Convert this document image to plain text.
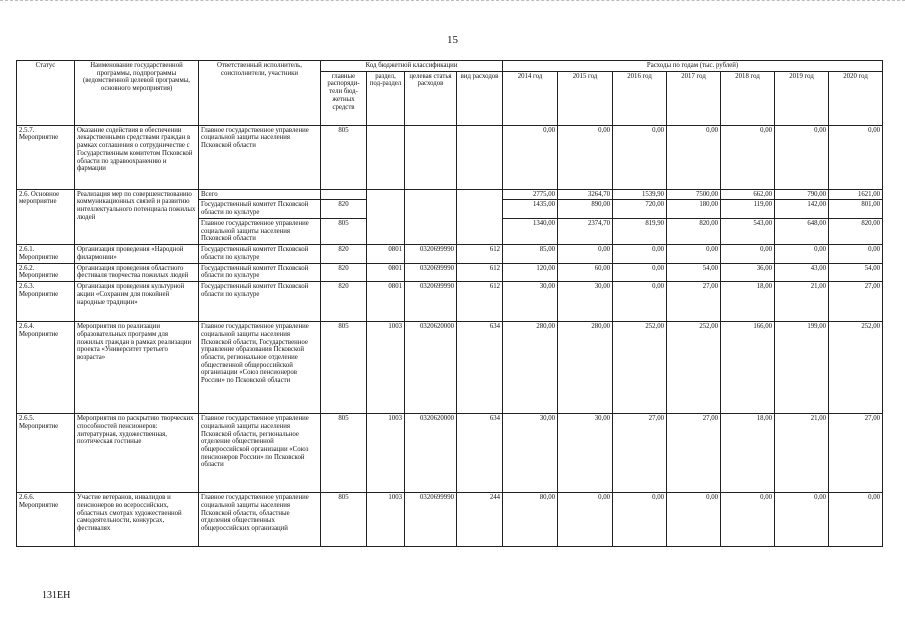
15
Статус	Наименование государственной программы, подпрограммы (ведомственной целевой программы, основного мероприятия)	Ответственный исполнитель, соисполнители, участники	Код бюджетной классификации				Расходы по годам (тыс. рублей)						
			главные распоряди-тели бюд-жетных средств	раздел, под-раздел	целевая статья расходов	вид расходов	2014 год	2015 год	2016 год	2017 год	2018 год	2019 год	2020 год
2.5.7. Мероприятие	Оказание содействия в обеспечении лекарственными средствами граждан в рамках соглашения о сотрудничестве с Государственным комитетом Псковской области по здравоохранению и фармации	Главное государственное управление социальной защиты населения Псковской области	805				0,00	0,00	0,00	0,00	0,00	0,00	0,00
2.6. Основное мероприятие	Реализация мер по совершенствованию коммуникационных связей и развитию интеллектуального потенциала пожилых людей	Всего					2775,00	3264,70	1539,90	7500,00	662,00	790,00	1621,00
		Государственный комитет Псковской области по культуре	820				1435,00	890,00	720,00	180,00	119,00	142,00	801,00
		Главное государственное управление социальной защиты населения Псковской области	805				1340,00	2374,70	819,90	820,00	543,00	648,00	820,00
2.6.1. Мероприятие	Организация проведения «Народной филармонии»	Государственный комитет Псковской области по культуре	820	0801	0320699990	612	85,00	0,00	0,00	0,00	0,00	0,00	0,00
2.6.2. Мероприятие	Организация проведения областного фестиваля творчества пожилых людей	Государственный комитет Псковской области по культуре	820	0801	0320699990	612	120,00	60,00	0,00	54,00	36,00	43,00	54,00
2.6.3. Мероприятие	Организация проведения культурной акции «Сохраним для покойней народные традиции»	Государственный комитет Псковской области по культуре	820	0801	0320699990	612	30,00	30,00	0,00	27,00	18,00	21,00	27,00
2.6.4. Мероприятие	Мероприятия по реализации образовательных программ для пожилых граждан в рамках реализации проекта «Университет третьего возраста»	Главное государственное управление социальной защиты населения Псковской области, Государственное управление образования Псковской области, региональное отделение общественной общероссийской организации «Союз пенсионеров России» по Псковской области	805	1003	0320620000	634	280,00	280,00	252,00	252,00	166,00	199,00	252,00
2.6.5. Мероприятие	Мероприятия по раскрытию творческих способностей пенсионеров: литературная, художественная, поэтическая гостиные	Главное государственное управление социальной защиты населения Псковской области, региональное отделение общественной общероссийской организации «Союз пенсионеров России» по Псковской области	805	1003	0320620000	634	30,00	30,00	27,00	27,00	18,00	21,00	27,00
2.6.6. Мероприятие	Участие ветеранов, инвалидов и пенсионеров во всероссийских, областных смотрах художественной самодеятельности, конкурсах, фестивалях	Главное государственное управление социальной защиты населения Псковской области, областные отделения общественных общероссийских организаций	805	1003	0320699990	244	80,00	0,00	0,00	0,00	0,00	0,00	0,00
131EH
